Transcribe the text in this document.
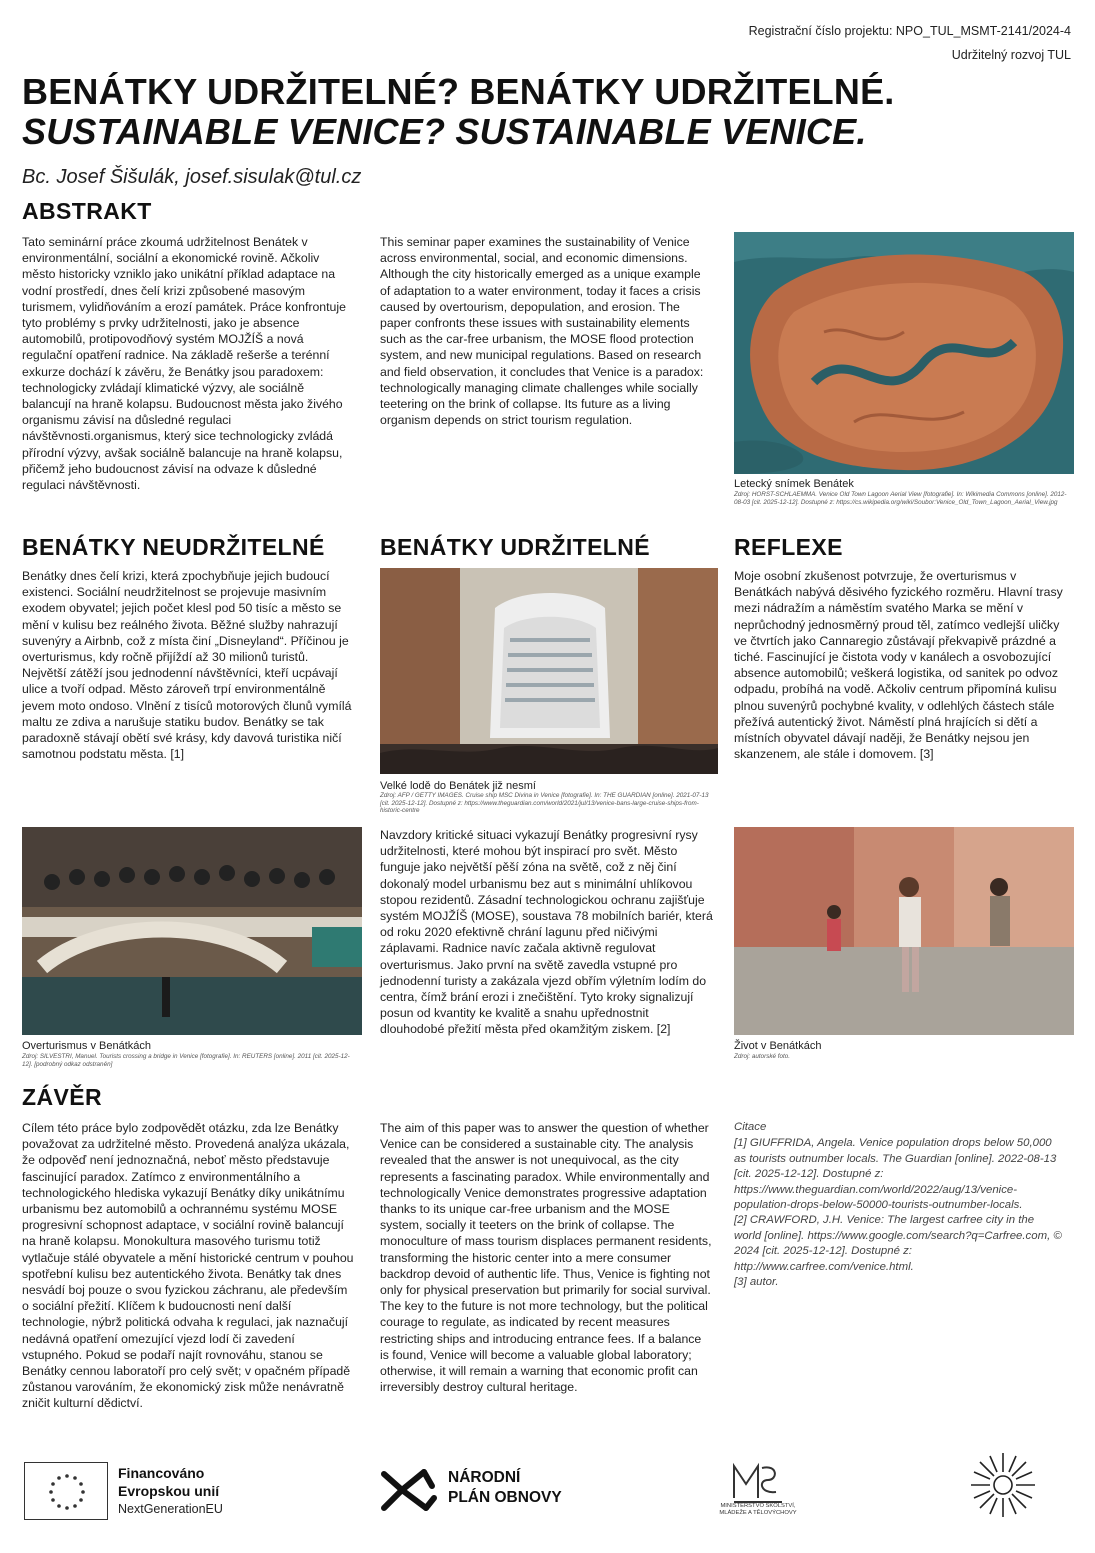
Registrační číslo projektu: NPO_TUL_MSMT-2141/2024-4
Udržitelný rozvoj TUL
BENÁTKY UDRŽITELNÉ? BENÁTKY UDRŽITELNÉ.
SUSTAINABLE VENICE? SUSTAINABLE VENICE.
Bc. Josef Šišulák, josef.sisulak@tul.cz
ABSTRAKT
Tato seminární práce zkoumá udržitelnost Benátek v environmentální, sociální a ekonomické rovině. Ačkoliv město historicky vzniklo jako unikátní příklad adaptace na vodní prostředí, dnes čelí krizi způsobené masovým turismem, vylidňováním a erozí památek. Práce konfrontuje tyto problémy s prvky udržitelnosti, jako je absence automobilů, protipovodňový systém MOJŽÍŠ a nová regulační opatření radnice. Na základě rešerše a terénní exkurze dochází k závěru, že Benátky jsou paradoxem: technologicky zvládají klimatické výzvy, ale sociálně balancují na hraně kolapsu. Budoucnost města jako živého organismu závisí na důsledné regulaci návštěvnosti.organismus, který sice technologicky zvládá přírodní výzvy, avšak sociálně balancuje na hraně kolapsu, přičemž jeho budoucnost závisí na odvaze k důsledné regulaci návštěvnosti.
This seminar paper examines the sustainability of Venice across environmental, social, and economic dimensions. Although the city historically emerged as a unique example of adaptation to a water environment, today it faces a crisis caused by overtourism, depopulation, and erosion. The paper confronts these issues with sustainability elements such as the car-free urbanism, the MOSE flood protection system, and new municipal regulations. Based on research and field observation, it concludes that Venice is a paradox: technologically managing climate challenges while socially teetering on the brink of collapse. Its future as a living organism depends on strict tourism regulation.
Letecký snímek Benátek
Zdroj: HORST-SCHLAEMMA. Venice Old Town Lagoon Aerial View [fotografie]. In: Wikimedia Commons [online]. 2012-08-03 [cit. 2025-12-12]. Dostupné z: https://cs.wikipedia.org/wiki/Soubor:Venice_Old_Town_Lagoon_Aerial_View.jpg
BENÁTKY NEUDRŽITELNÉ BENÁTKY UDRŽITELNÉ	REFLEXE
Benátky dnes čelí krizi, která zpochybňuje jejich budoucí existenci. Sociální neudržitelnost se projevuje masivním exodem obyvatel; jejich počet klesl pod 50 tisíc a město se mění v kulisu bez reálného života. Běžné služby nahrazují suvenýry a Airbnb, což z místa činí „Disneyland“. Příčinou je overturismus, kdy ročně přijíždí až 30 milionů turistů. Největší zátěží jsou jednodenní návštěvníci, kteří ucpávají ulice a tvoří odpad. Město zároveň trpí environmentálně jevem moto ondoso. Vlnění z tisíců motorových člunů vymílá maltu ze zdiva a narušuje statiku budov. Benátky se tak paradoxně stávají obětí své krásy, kdy davová turistika ničí samotnou podstatu města. [1]
Velké lodě do Benátek již nesmí
Zdroj: AFP / GETTY IMAGES. Cruise ship MSC Divina in Venice [fotografie]. In: THE GUARDIAN [online]. 2021-07-13 [cit. 2025-12-12]. Dostupné z: https://www.theguardian.com/world/2021/jul/13/venice-bans-large-cruise-ships-from-historic-centre
Moje osobní zkušenost potvrzuje, že overturismus v Benátkách nabývá děsivého fyzického rozměru. Hlavní trasy mezi nádražím a náměstím svatého Marka se mění v neprůchodný jednosměrný proud těl, zatímco vedlejší uličky ve čtvrtích jako Cannaregio zůstávají překvapivě prázdné a tiché. Fascinující je čistota vody v kanálech a osvobozující absence automobilů; veškerá logistika, od sanitek po odvoz odpadu, probíhá na vodě. Ačkoliv centrum připomíná kulisu plnou suvenýrů pochybné kvality, v odlehlých částech stále přežívá autentický život. Náměstí plná hrajících si dětí a místních obyvatel dávají naději, že Benátky nejsou jen skanzenem, ale stále i domovem. [3]
Overturismus v Benátkách
Zdroj: SILVESTRI, Manuel. Tourists crossing a bridge in Venice [fotografie]. In: REUTERS [online]. 2011 [cit. 2025-12-12]. [podrobný odkaz odstraněn]
Navzdory kritické situaci vykazují Benátky progresivní rysy udržitelnosti, které mohou být inspirací pro svět. Město funguje jako největší pěší zóna na světě, což z něj činí dokonalý model urbanismu bez aut s minimální uhlíkovou stopou rezidentů. Zásadní technologickou ochranu zajišťuje systém MOJŽÍŠ (MOSE), soustava 78 mobilních bariér, která od roku 2020 efektivně chrání lagunu před ničivými záplavami. Radnice navíc začala aktivně regulovat overturismus. Jako první na světě zavedla vstupné pro jednodenní turisty a zakázala vjezd obřím výletním lodím do centra, čímž brání erozi i znečištění. Tyto kroky signalizují posun od kvantity ke kvalitě a snahu upřednostnit dlouhodobé přežití města před okamžitým ziskem. [2]
Život v Benátkách
Zdroj: autorské foto.
ZÁVĚR
Cílem této práce bylo zodpovědět otázku, zda lze Benátky považovat za udržitelné město. Provedená analýza ukázala, že odpověď není jednoznačná, neboť město představuje fascinující paradox. Zatímco z environmentálního a technologického hlediska vykazují Benátky díky unikátnímu urbanismu bez automobilů a ochrannému systému MOSE progresivní schopnost adaptace, v sociální rovině balancují na hraně kolapsu. Monokultura masového turismu totiž vytlačuje stálé obyvatele a mění historické centrum v pouhou spotřební kulisu bez autentického života. Benátky tak dnes nesvádí boj pouze o svou fyzickou záchranu, ale především o sociální přežití. Klíčem k budoucnosti není další technologie, nýbrž politická odvaha k regulaci, jak naznačují nedávná opatření omezující vjezd lodí či zavedení vstupného. Pokud se podaří najít rovnováhu, stanou se Benátky cennou laboratoří pro celý svět; v opačném případě zůstanou varováním, že ekonomický zisk může nenávratně zničit kulturní dědictví.
The aim of this paper was to answer the question of whether Venice can be considered a sustainable city. The analysis revealed that the answer is not unequivocal, as the city represents a fascinating paradox. While environmentally and technologically Venice demonstrates progressive adaptation thanks to its unique car-free urbanism and the MOSE system, socially it teeters on the brink of collapse. The monoculture of mass tourism displaces permanent residents, transforming the historic center into a mere consumer backdrop devoid of authentic life. Thus, Venice is fighting not only for physical preservation but primarily for social survival. The key to the future is not more technology, but the political courage to regulate, as indicated by recent measures restricting ships and introducing entrance fees. If a balance is found, Venice will become a valuable global laboratory; otherwise, it will remain a warning that economic profit can irreversibly destroy cultural heritage.
Citace
[1] GIUFFRIDA, Angela. Venice population drops below 50,000 as tourists outnumber locals. The Guardian [online]. 2022-08-13 [cit. 2025-12-12]. Dostupné z: https://www.theguardian.com/world/2022/aug/13/venice-population-drops-below-50000-tourists-outnumber-locals.
[2] CRAWFORD, J.H. Venice: The largest carfree city in the world [online]. https://www.google.com/search?q=Carfree.com, © 2024 [cit. 2025-12-12]. Dostupné z: http://www.carfree.com/venice.html.
[3] autor.
Financováno
Evropskou unií
NextGenerationEU
NÁRODNÍ
PLÁN OBNOVY	MINISTERSTVO ŠKOLSTVÍ,
MLÁDEŽE A TĚLOVÝCHOVY
